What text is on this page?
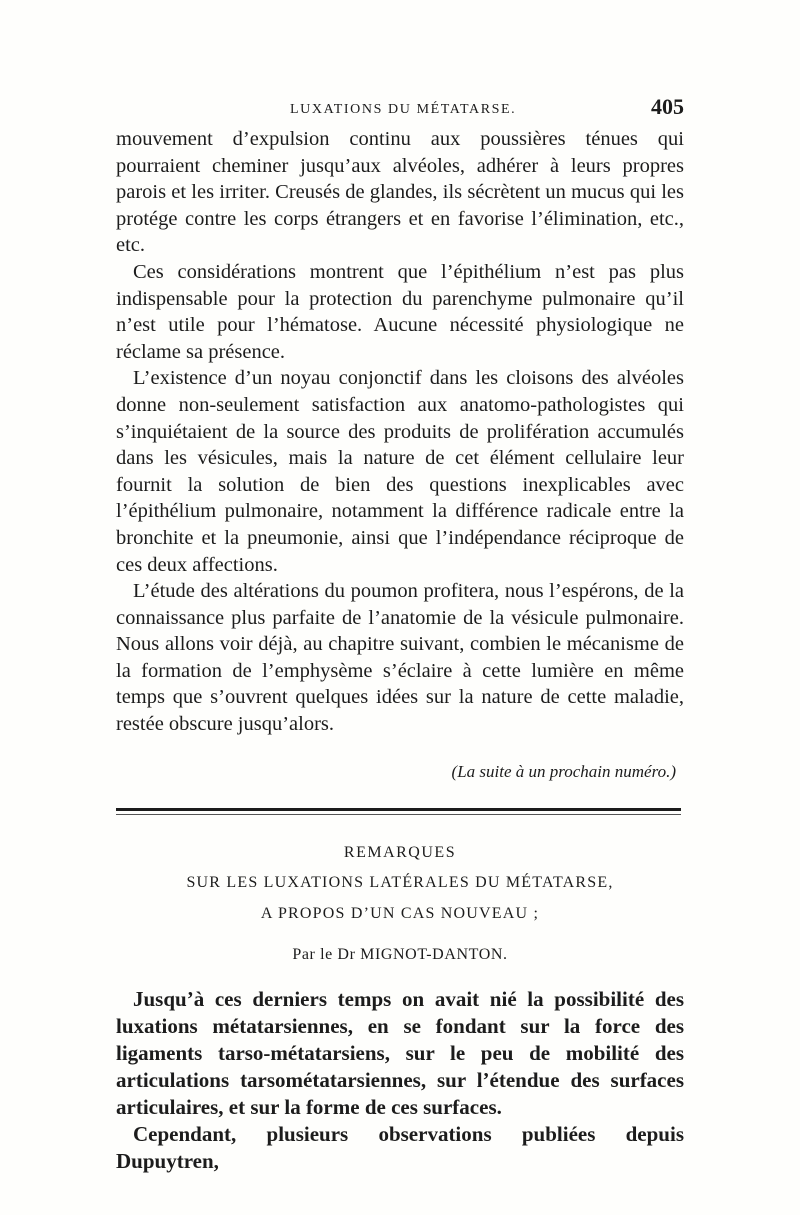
LUXATIONS DU MÉTATARSE.	405

mouvement d’expulsion continu aux poussières ténues qui pourraient cheminer jusqu’aux alvéoles, adhérer à leurs propres parois et les irriter. Creusés de glandes, ils sécrètent un mucus qui les protége contre les corps étrangers et en favorise l’élimination, etc., etc.

Ces considérations montrent que l’épithélium n’est pas plus indispensable pour la protection du parenchyme pulmonaire qu’il n’est utile pour l’hématose. Aucune nécessité physiologique ne réclame sa présence.

L’existence d’un noyau conjonctif dans les cloisons des alvéoles donne non-seulement satisfaction aux anatomo-pathologistes qui s’inquiétaient de la source des produits de prolifération accumulés dans les vésicules, mais la nature de cet élément cellulaire leur fournit la solution de bien des questions inexplicables avec l’épithélium pulmonaire, notamment la différence radicale entre la bronchite et la pneumonie, ainsi que l’indépendance réciproque de ces deux affections.

L’étude des altérations du poumon profitera, nous l’espérons, de la connaissance plus parfaite de l’anatomie de la vésicule pulmonaire. Nous allons voir déjà, au chapitre suivant, combien le mécanisme de la formation de l’emphysème s’éclaire à cette lumière en même temps que s’ouvrent quelques idées sur la nature de cette maladie, restée obscure jusqu’alors.

(La suite à un prochain numéro.)
REMARQUES
SUR LES LUXATIONS LATÉRALES DU MÉTATARSE,
A PROPOS D’UN CAS NOUVEAU ;
Par le Dr MIGNOT-DANTON.

Jusqu’à ces derniers temps on avait nié la possibilité des luxations métatarsiennes, en se fondant sur la force des ligaments tarso-métatarsiens, sur le peu de mobilité des articulations tarsométatarsiennes, sur l’étendue des surfaces articulaires, et sur la forme de ces surfaces.

Cependant, plusieurs observations publiées depuis Dupuytren,
